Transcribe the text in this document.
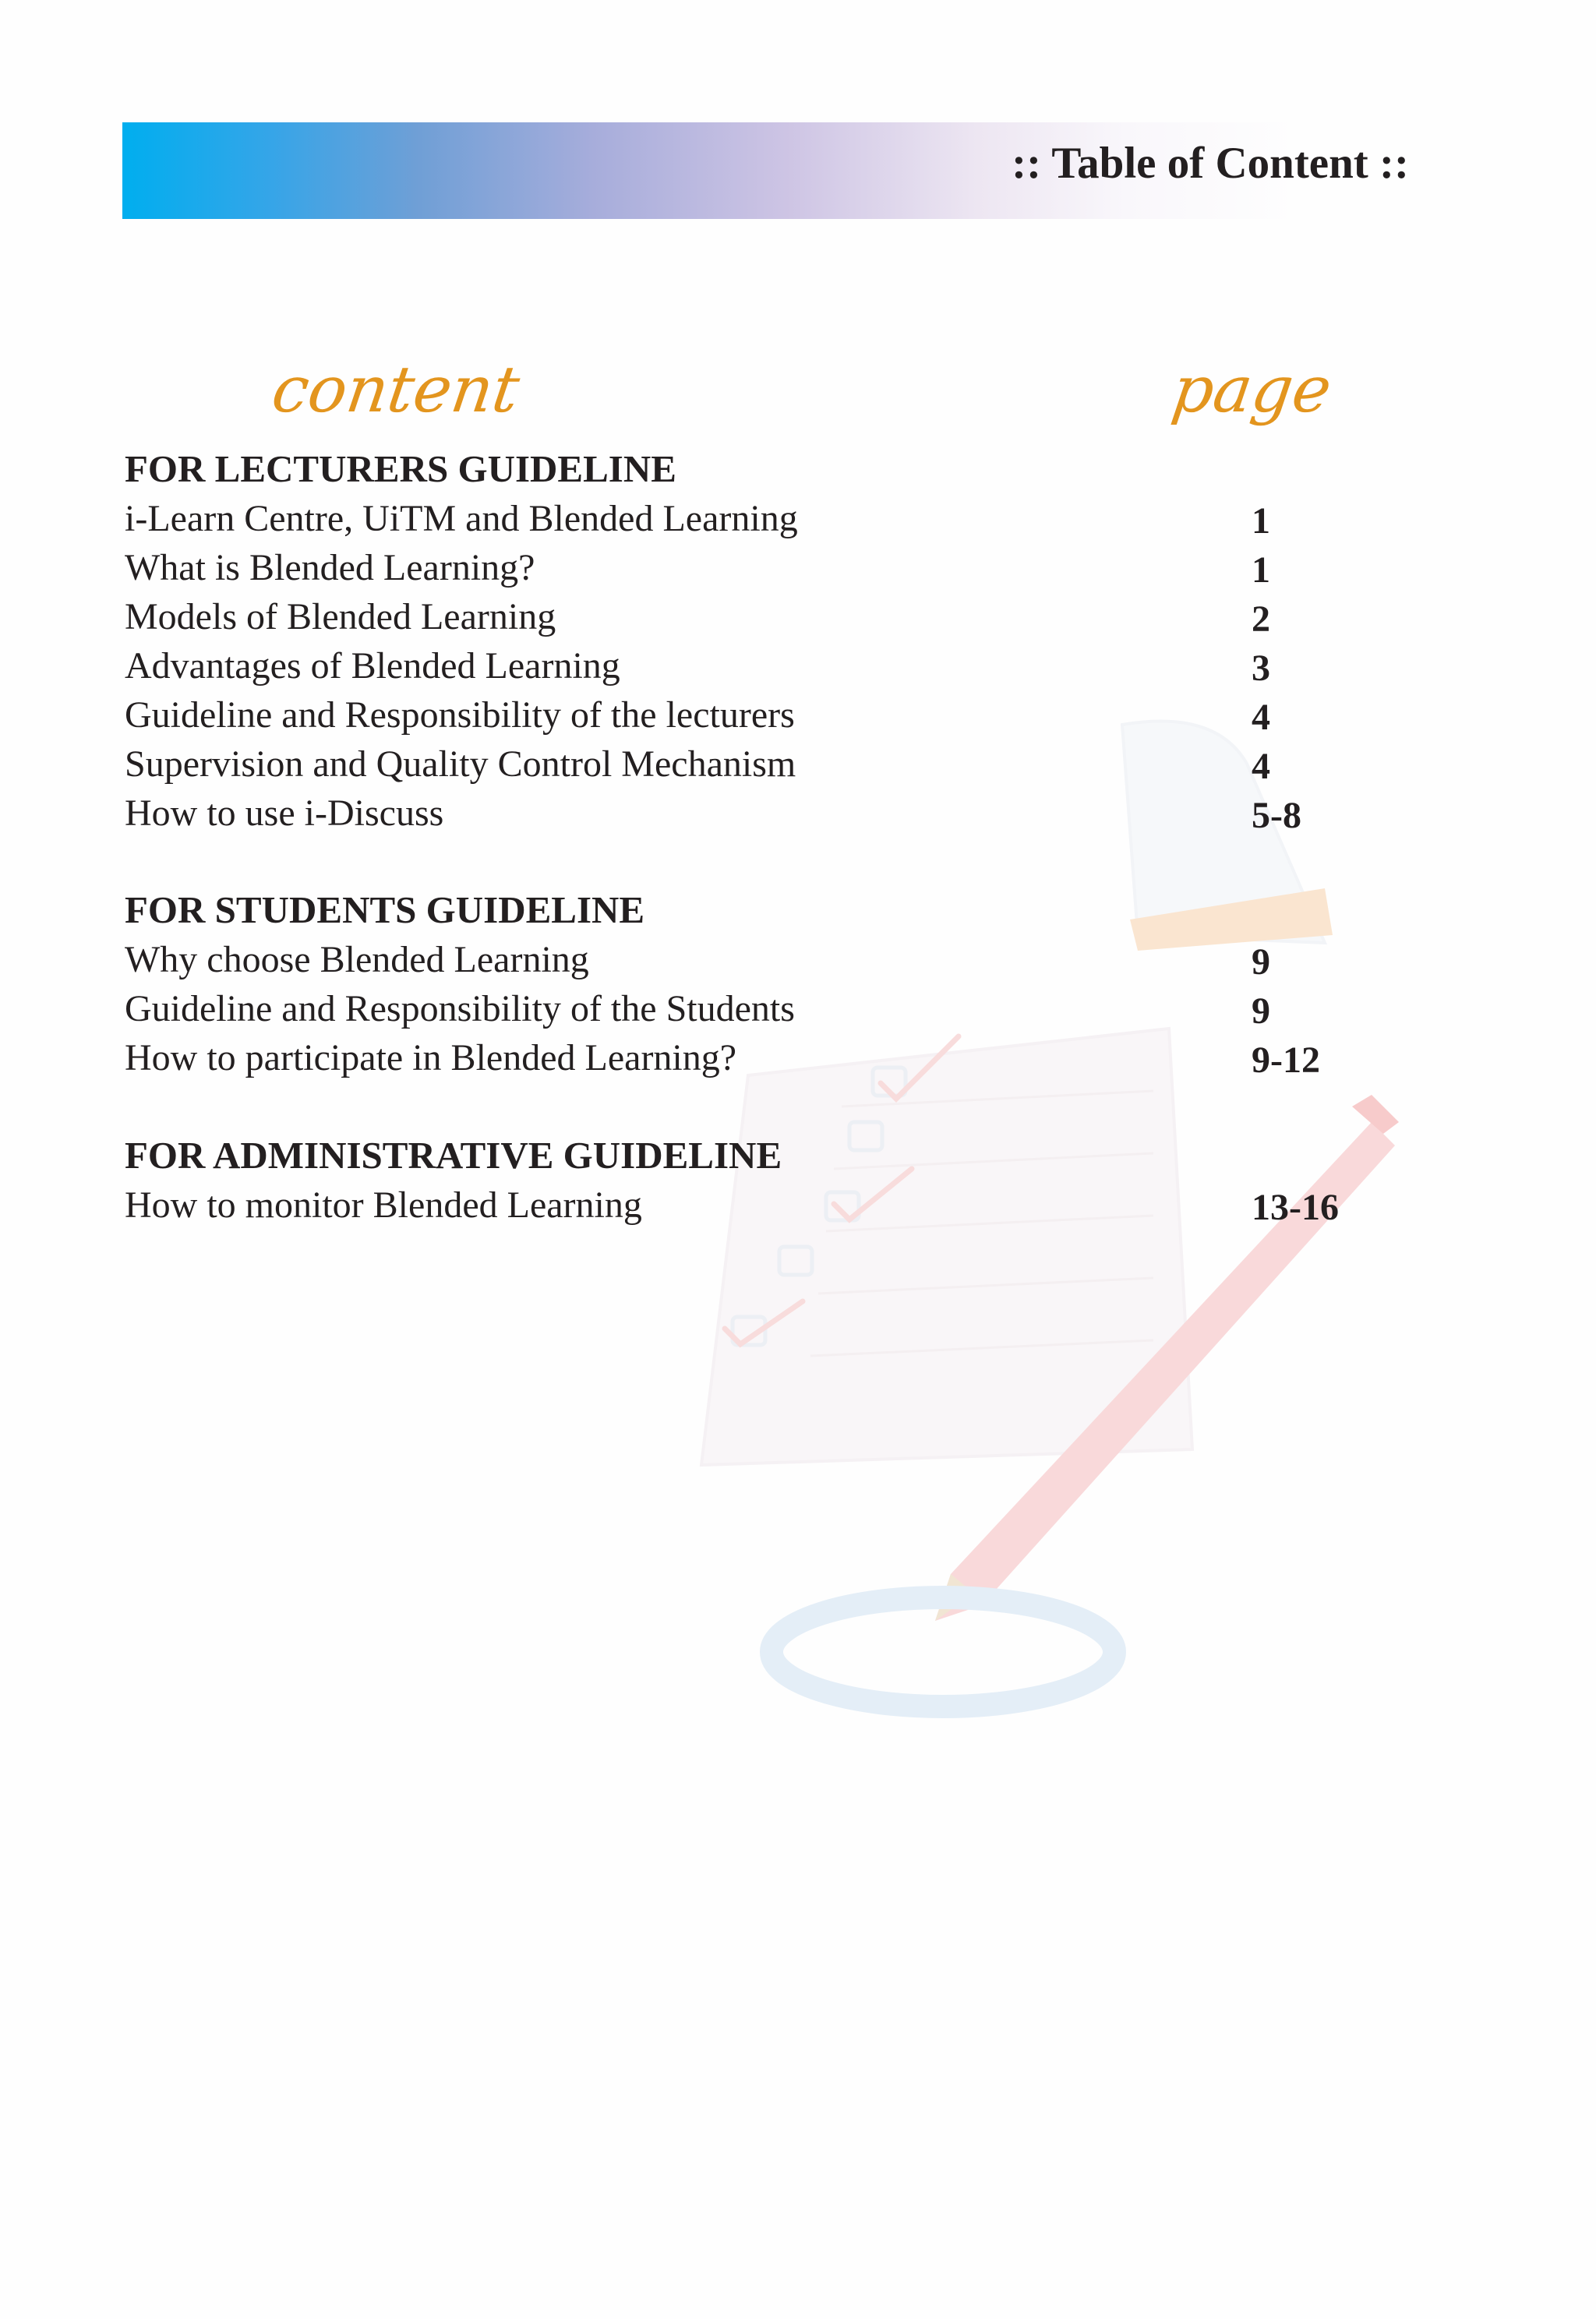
:: Table of Content ::
content	page
FOR LECTURERS GUIDELINE
i-Learn Centre, UiTM and Blended Learning	1
What is Blended Learning?	1
Models of Blended Learning	2
Advantages of Blended Learning	3
Guideline and Responsibility of the lecturers	4
Supervision and Quality Control Mechanism	4
How to use i-Discuss	5-8
FOR STUDENTS GUIDELINE
Why choose Blended Learning	9
Guideline and Responsibility of the Students	9
How to participate in Blended Learning?	9-12
FOR ADMINISTRATIVE GUIDELINE
How to monitor Blended Learning	13-16
